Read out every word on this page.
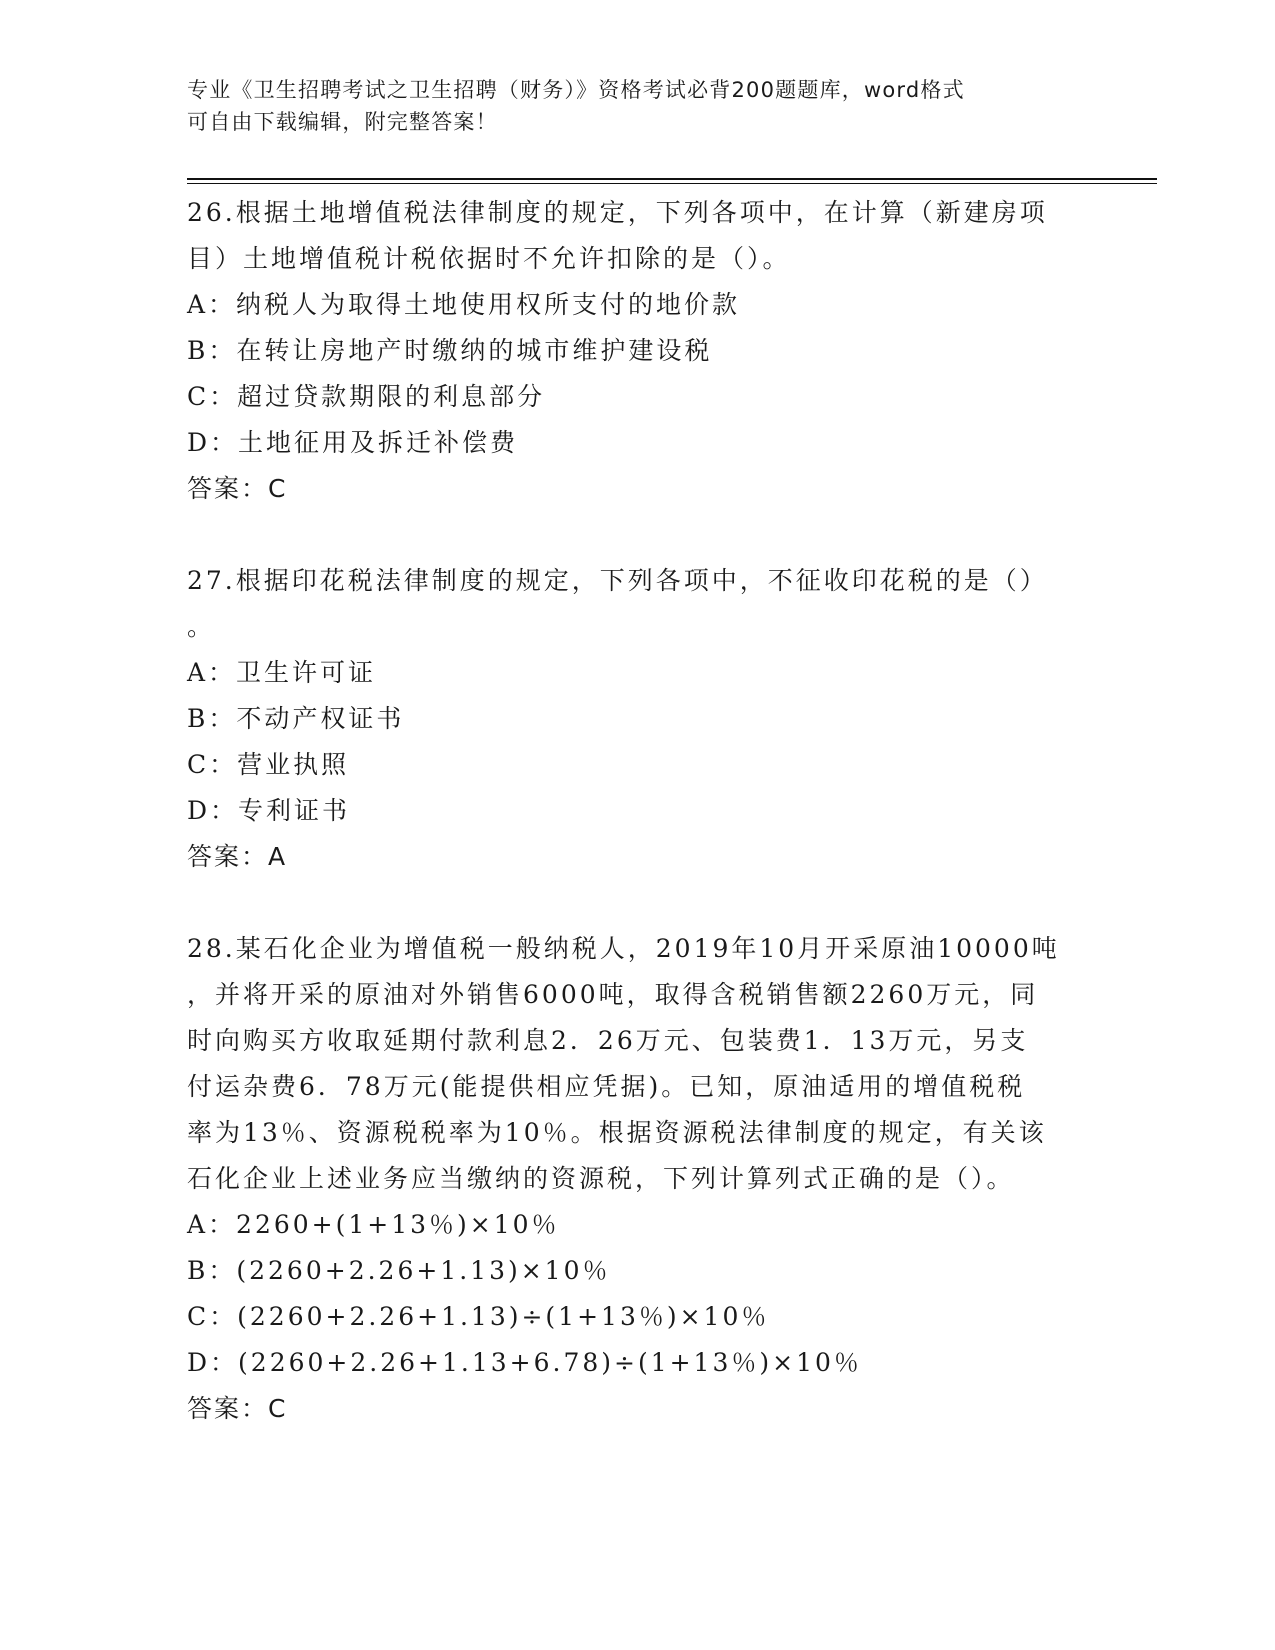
专业《卫生招聘考试之卫生招聘（财务）》资格考试必背200题题库，word格式
可自由下载编辑，附完整答案！
26.根据土地增值税法律制度的规定，下列各项中，在计算（新建房项
目）土地增值税计税依据时不允许扣除的是（）。
A：纳税人为取得土地使用权所支付的地价款
B：在转让房地产时缴纳的城市维护建设税
C：超过贷款期限的利息部分
D：土地征用及拆迁补偿费
答案：C
27.根据印花税法律制度的规定，下列各项中，不征收印花税的是（）
。
A：卫生许可证
B：不动产权证书
C：营业执照
D：专利证书
答案：A
28.某石化企业为增值税一般纳税人，2019年10月开采原油10000吨
，并将开采的原油对外销售6000吨，取得含税销售额2260万元，同
时向购买方收取延期付款利息2．26万元、包装费1．13万元，另支
付运杂费6．78万元(能提供相应凭据)。已知，原油适用的增值税税
率为13％、资源税税率为10％。根据资源税法律制度的规定，有关该
石化企业上述业务应当缴纳的资源税，下列计算列式正确的是（）。
A：2260+(1+13％)×10％
B：(2260+2.26+1.13)×10％
C：(2260+2.26+1.13)÷(1+13％)×10％
D：(2260+2.26+1.13+6.78)÷(1+13％)×10％
答案：C
